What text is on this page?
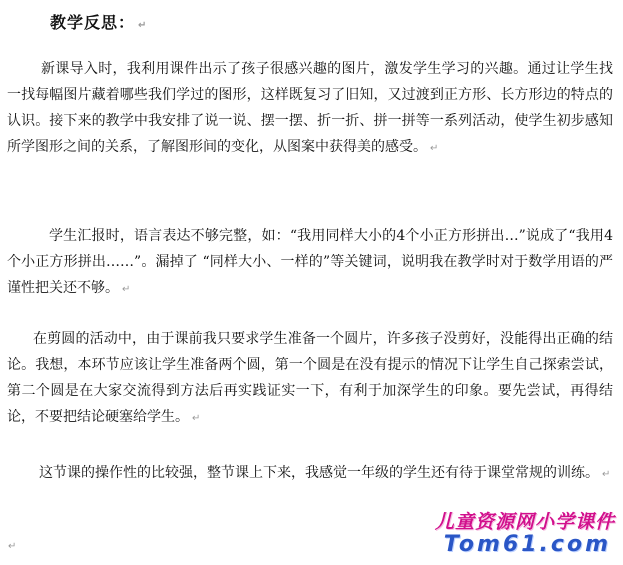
教学反思： ↵
新课导入时，我利用课件出示了孩子很感兴趣的图片，激发学生学习的兴趣。通过让学生找一找每幅图片藏着哪些我们学过的图形，这样既复习了旧知，又过渡到正方形、长方形边的特点的认识。接下来的教学中我安排了说一说、摆一摆、折一折、拼一拼等一系列活动，使学生初步感知所学图形之间的关系，了解图形间的变化，从图案中获得美的感受。 ↵
学生汇报时，语言表达不够完整，如：“我用同样大小的4个小正方形拼出…”说成了“我用4个小正方形拼出……”。漏掉了 “同样大小、一样的”等关键词，说明我在教学时对于数学用语的严谨性把关还不够。 ↵
在剪圆的活动中，由于课前我只要求学生准备一个圆片，许多孩子没剪好，没能得出正确的结论。我想，本环节应该让学生准备两个圆，第一个圆是在没有提示的情况下让学生自己探索尝试，第二个圆是在大家交流得到方法后再实践证实一下，有利于加深学生的印象。要先尝试，再得结论，不要把结论硬塞给学生。 ↵
这节课的操作性的比较强，整节课上下来，我感觉一年级的学生还有待于课堂常规的训练。 ↵
↵
儿童资源网小学课件
Tom61.com
